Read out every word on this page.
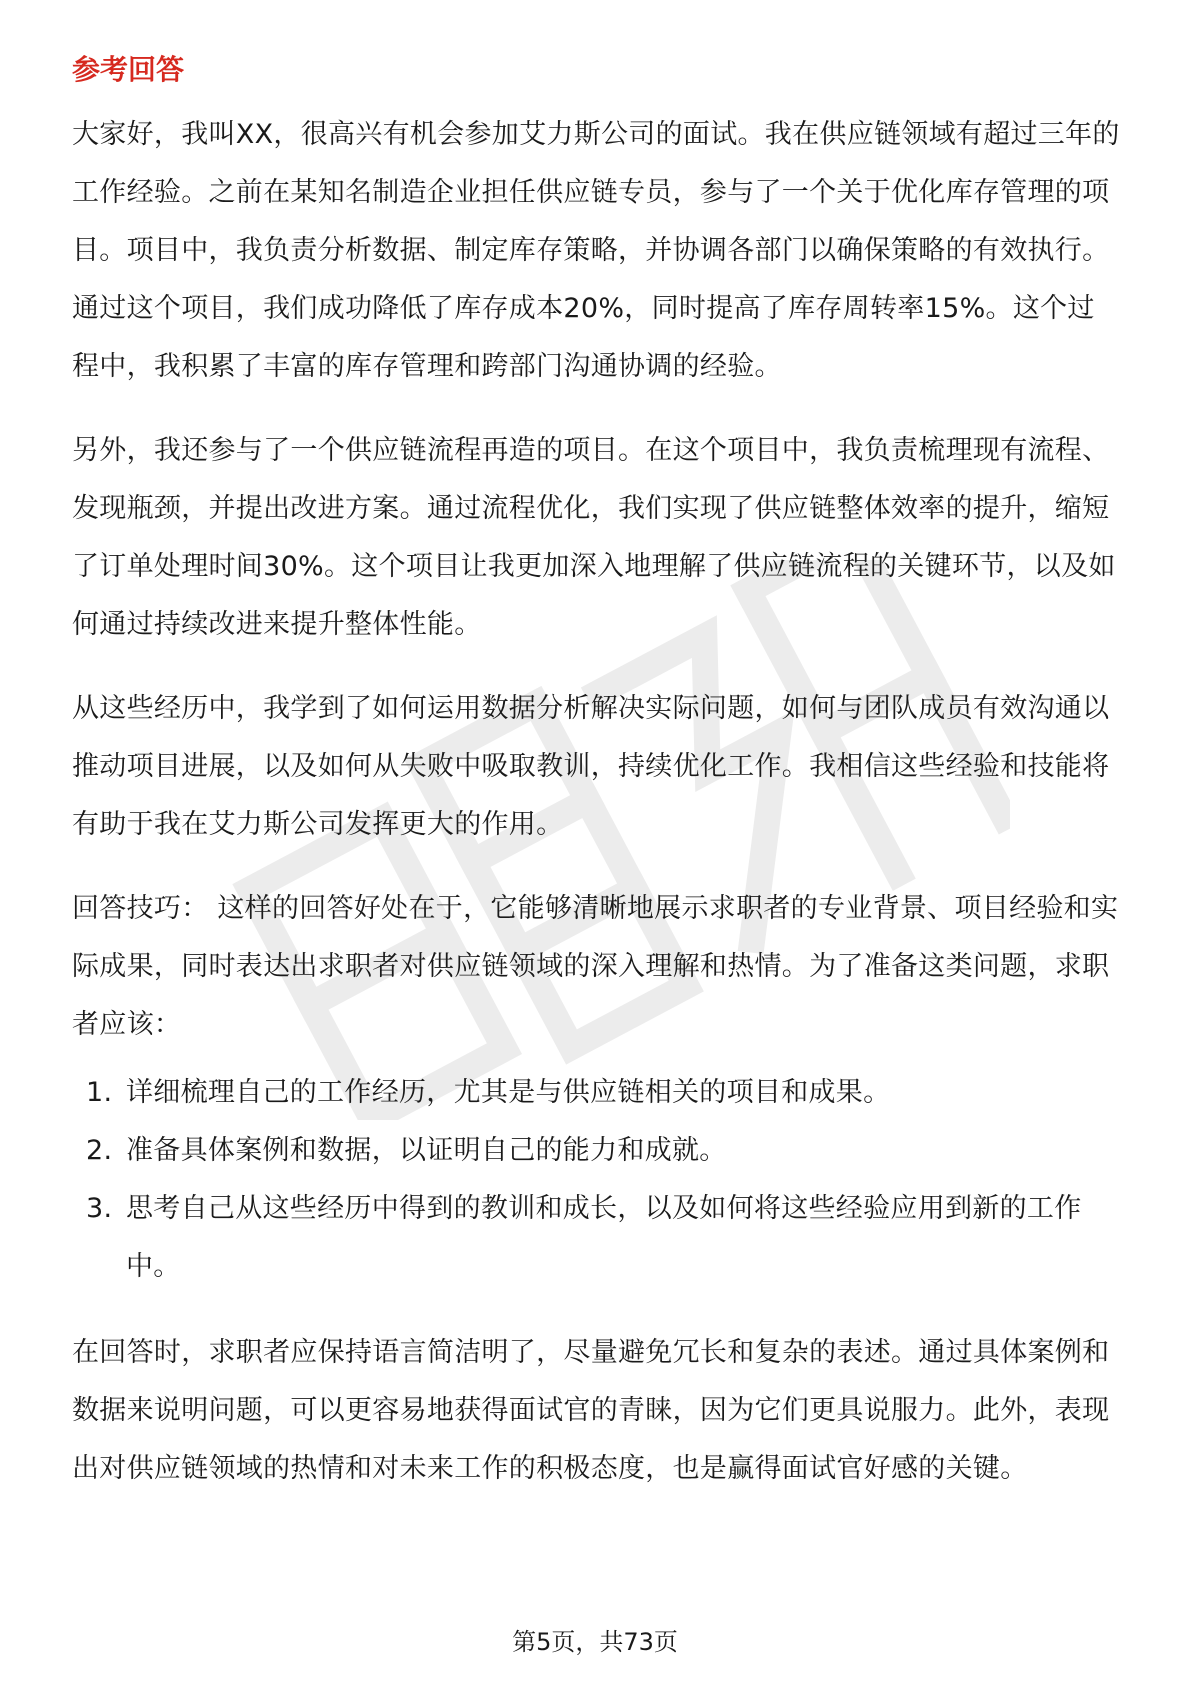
参考回答

大家好，我叫XX，很高兴有机会参加艾力斯公司的面试。我在供应链领域有超过三年的工作经验。之前在某知名制造企业担任供应链专员，参与了一个关于优化库存管理的项目。项目中，我负责分析数据、制定库存策略，并协调各部门以确保策略的有效执行。通过这个项目，我们成功降低了库存成本20%，同时提高了库存周转率15%。这个过程中，我积累了丰富的库存管理和跨部门沟通协调的经验。

另外，我还参与了一个供应链流程再造的项目。在这个项目中，我负责梳理现有流程、发现瓶颈，并提出改进方案。通过流程优化，我们实现了供应链整体效率的提升，缩短了订单处理时间30%。这个项目让我更加深入地理解了供应链流程的关键环节，以及如何通过持续改进来提升整体性能。

从这些经历中，我学到了如何运用数据分析解决实际问题，如何与团队成员有效沟通以推动项目进展，以及如何从失败中吸取教训，持续优化工作。我相信这些经验和技能将有助于我在艾力斯公司发挥更大的作用。

回答技巧： 这样的回答好处在于，它能够清晰地展示求职者的专业背景、项目经验和实际成果，同时表达出求职者对供应链领域的深入理解和热情。为了准备这类问题，求职者应该：

1. 详细梳理自己的工作经历，尤其是与供应链相关的项目和成果。
2. 准备具体案例和数据，以证明自己的能力和成就。
3. 思考自己从这些经历中得到的教训和成长，以及如何将这些经验应用到新的工作中。

在回答时，求职者应保持语言简洁明了，尽量避免冗长和复杂的表述。通过具体案例和数据来说明问题，可以更容易地获得面试官的青睐，因为它们更具说服力。此外，表现出对供应链领域的热情和对未来工作的积极态度，也是赢得面试官好感的关键。

第5页，共73页
